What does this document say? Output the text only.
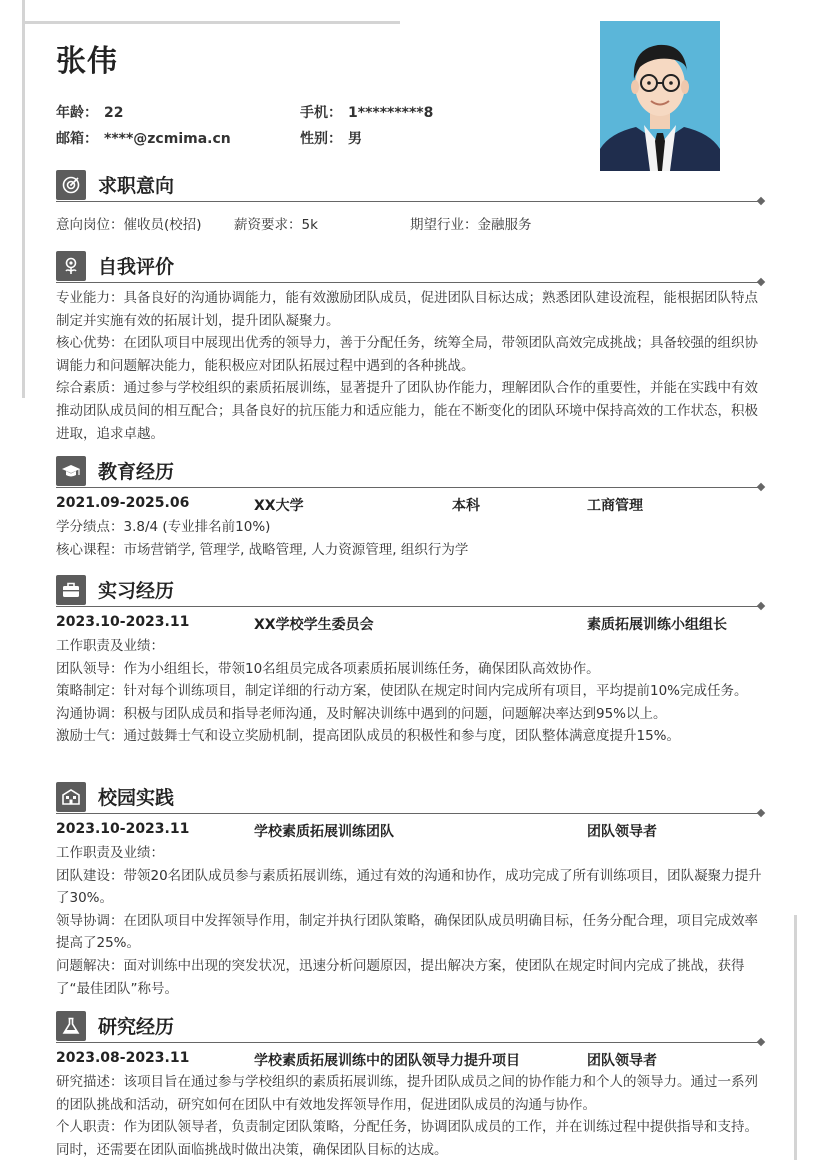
张伟
年龄： 22	手机： 1*********8
邮箱： ****@zcmima.cn	性别： 男
求职意向
意向岗位：催收员(校招) 薪资要求：5k	期望行业：金融服务
自我评价

专业能力：具备良好的沟通协调能力，能有效激励团队成员，促进团队目标达成；熟悉团队建设流程，能根据团队特点制定并实施有效的拓展计划，提升团队凝聚力。

核心优势：在团队项目中展现出优秀的领导力，善于分配任务，统筹全局，带领团队高效完成挑战；具备较强的组织协调能力和问题解决能力，能积极应对团队拓展过程中遇到的各种挑战。

综合素质：通过参与学校组织的素质拓展训练，显著提升了团队协作能力，理解团队合作的重要性，并能在实践中有效推动团队成员间的相互配合；具备良好的抗压能力和适应能力，能在不断变化的团队环境中保持高效的工作状态，积极进取，追求卓越。

教育经历
2021.09-2025.06	XX大学	本科	工商管理

学分绩点：3.8/4 (专业排名前10%)

核心课程：市场营销学, 管理学, 战略管理, 人力资源管理, 组织行为学

实习经历
2023.10-2023.11	XX学校学生委员会	素质拓展训练小组组长

工作职责及业绩：

团队领导：作为小组组长，带领10名组员完成各项素质拓展训练任务，确保团队高效协作。

策略制定：针对每个训练项目，制定详细的行动方案，使团队在规定时间内完成所有项目，平均提前10%完成任务。

沟通协调：积极与团队成员和指导老师沟通，及时解决训练中遇到的问题，问题解决率达到95%以上。

激励士气：通过鼓舞士气和设立奖励机制，提高团队成员的积极性和参与度，团队整体满意度提升15%。

校园实践
2023.10-2023.11	学校素质拓展训练团队	团队领导者

工作职责及业绩：

团队建设：带领20名团队成员参与素质拓展训练，通过有效的沟通和协作，成功完成了所有训练项目，团队凝聚力提升了30%。

领导协调：在团队项目中发挥领导作用，制定并执行团队策略，确保团队成员明确目标，任务分配合理，项目完成效率提高了25%。

问题解决：面对训练中出现的突发状况，迅速分析问题原因，提出解决方案，使团队在规定时间内完成了挑战，获得了“最佳团队”称号。

研究经历
2023.08-2023.11	学校素质拓展训练中的团队领导力提升项目	团队领导者

研究描述：该项目旨在通过参与学校组织的素质拓展训练，提升团队成员之间的协作能力和个人的领导力。通过一系列的团队挑战和活动，研究如何在团队中有效地发挥领导作用，促进团队成员的沟通与协作。

个人职责：作为团队领导者，负责制定团队策略，分配任务，协调团队成员的工作，并在训练过程中提供指导和支持。同时，还需要在团队面临挑战时做出决策，确保团队目标的达成。
